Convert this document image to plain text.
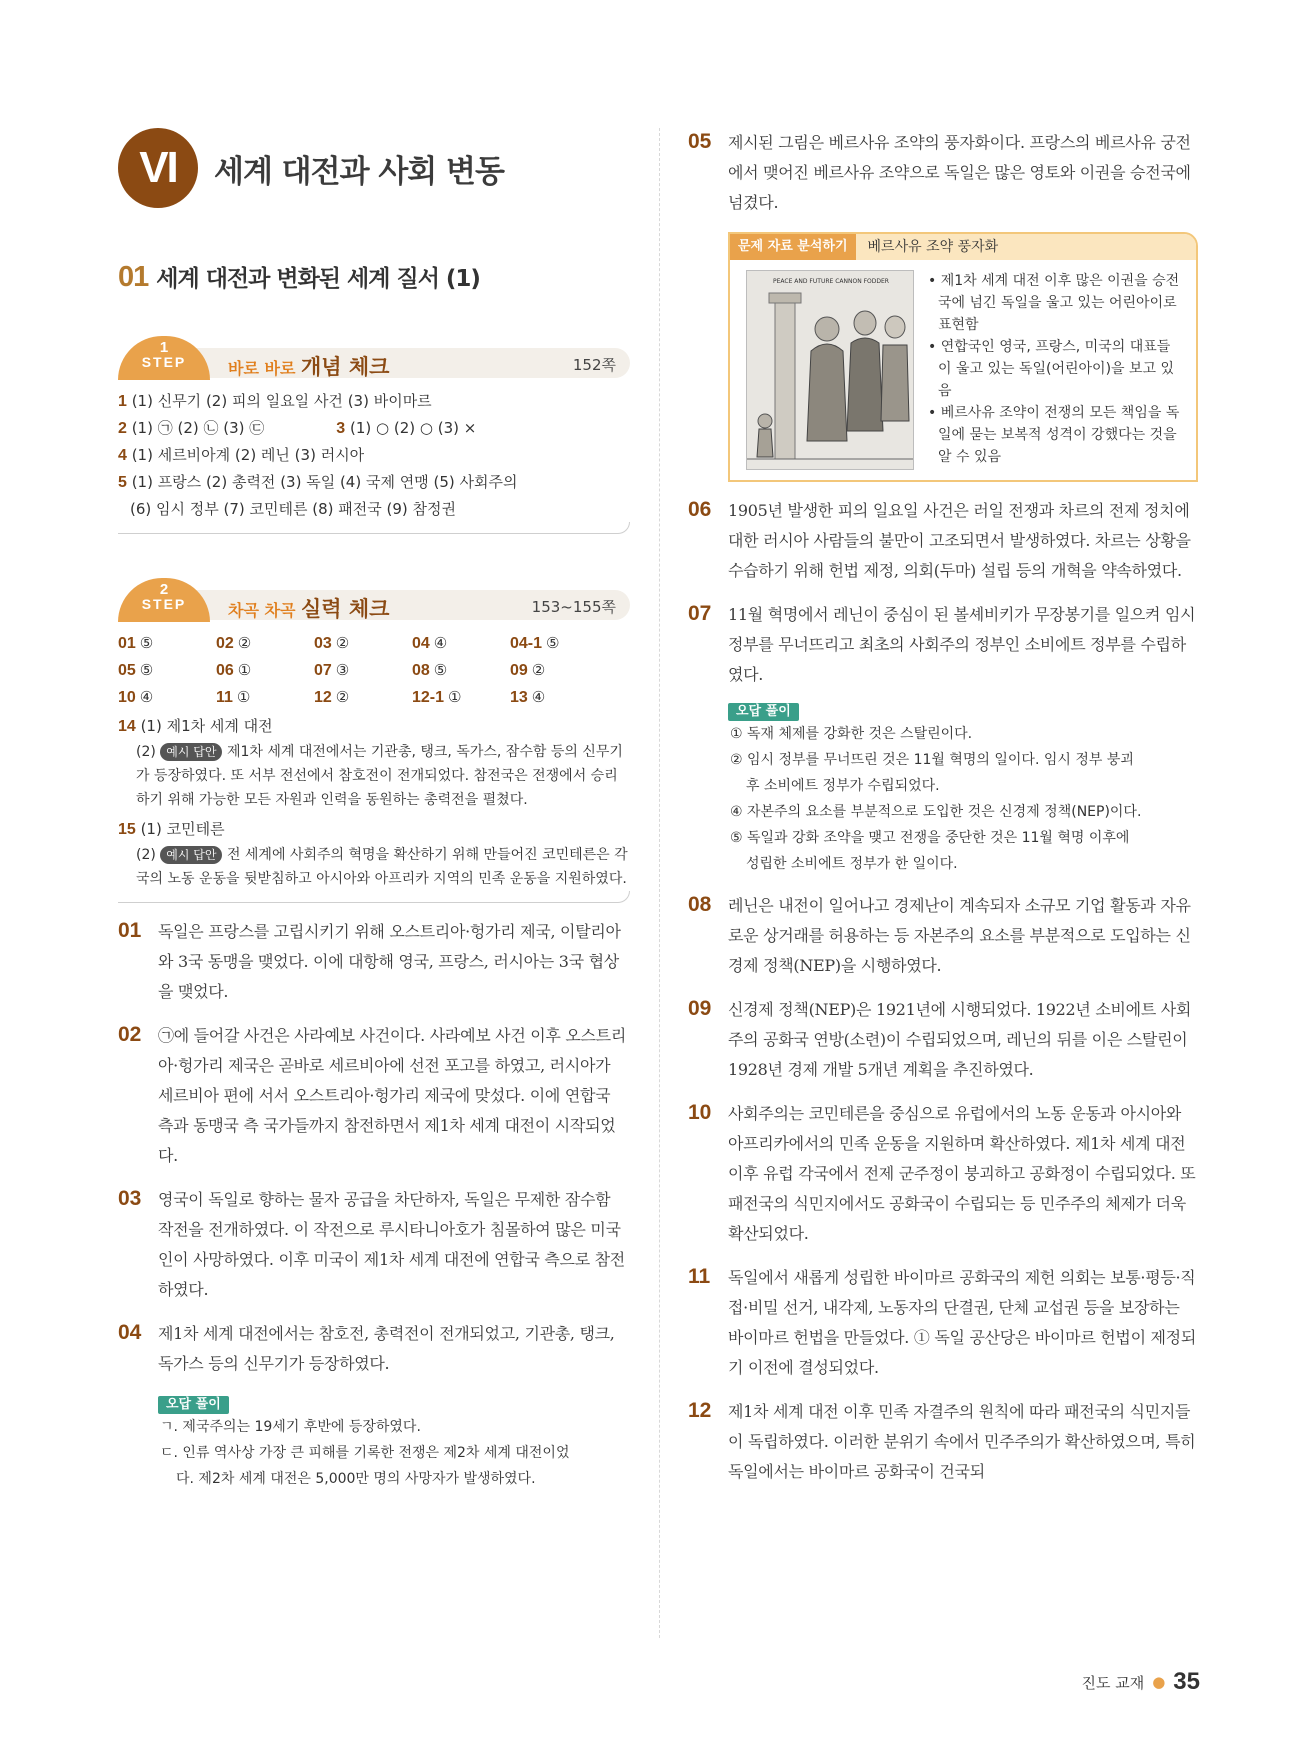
VI	세계 대전과 사회 변동
01 세계 대전과 변화된 세계 질서 (1)
1
STEP	바로 바로 개념 체크	152쪽
1 (1) 신무기 (2) 피의 일요일 사건 (3) 바이마르
2 (1) ㉠ (2) ㉡ (3) ㉢	3 (1) ○ (2) ○ (3) ×
4 (1) 세르비아계 (2) 레닌 (3) 러시아
5 (1) 프랑스 (2) 총력전 (3) 독일 (4) 국제 연맹 (5) 사회주의
(6) 임시 정부 (7) 코민테른 (8) 패전국 (9) 참정권
2
STEP	차곡 차곡 실력 체크	153~155쪽
01 ⑤	02 ②	03 ②	04 ④	04-1 ⑤
05 ⑤	06 ①	07 ③	08 ⑤	09 ②
10 ④	11 ①	12 ②	12-1 ①	13 ④
14 (1) 제1차 세계 대전
(2) 예시 답안 제1차 세계 대전에서는 기관총, 탱크, 독가스, 잠수함 등의 신무기가 등장하였다. 또 서부 전선에서 참호전이 전개되었다. 참전국은 전쟁에서 승리하기 위해 가능한 모든 자원과 인력을 동원하는 총력전을 펼쳤다.
15 (1) 코민테른
(2) 예시 답안 전 세계에 사회주의 혁명을 확산하기 위해 만들어진 코민테른은 각국의 노동 운동을 뒷받침하고 아시아와 아프리카 지역의 민족 운동을 지원하였다.
01	독일은 프랑스를 고립시키기 위해 오스트리아·헝가리 제국, 이탈리아와 3국 동맹을 맺었다. 이에 대항해 영국, 프랑스, 러시아는 3국 협상을 맺었다.
02	㉠에 들어갈 사건은 사라예보 사건이다. 사라예보 사건 이후 오스트리아·헝가리 제국은 곧바로 세르비아에 선전 포고를 하였고, 러시아가 세르비아 편에 서서 오스트리아·헝가리 제국에 맞섰다. 이에 연합국 측과 동맹국 측 국가들까지 참전하면서 제1차 세계 대전이 시작되었다.
03	영국이 독일로 향하는 물자 공급을 차단하자, 독일은 무제한 잠수함 작전을 전개하였다. 이 작전으로 루시타니아호가 침몰하여 많은 미국인이 사망하였다. 이후 미국이 제1차 세계 대전에 연합국 측으로 참전하였다.
04	제1차 세계 대전에서는 참호전, 총력전이 전개되었고, 기관총, 탱크, 독가스 등의 신무기가 등장하였다.
오답 풀이
ㄱ. 제국주의는 19세기 후반에 등장하였다.
ㄷ. 인류 역사상 가장 큰 피해를 기록한 전쟁은 제2차 세계 대전이었
다. 제2차 세계 대전은 5,000만 명의 사망자가 발생하였다.
05	제시된 그림은 베르사유 조약의 풍자화이다. 프랑스의 베르사유 궁전에서 맺어진 베르사유 조약으로 독일은 많은 영토와 이권을 승전국에 넘겼다.
문제 자료 분석하기	베르사유 조약 풍자화
PEACE AND FUTURE CANNON FODDER
•	제1차 세계 대전 이후 많은 이권을 승전국에 넘긴 독일을 울고 있는 어린아이로 표현함
• 연합국인 영국, 프랑스, 미국의 대표들이 울고 있는 독일(어린아이)을 보고 있음
• 베르사유 조약이 전쟁의 모든 책임을 독일에 묻는 보복적 성격이 강했다는 것을 알 수 있음
06	1905년 발생한 피의 일요일 사건은 러일 전쟁과 차르의 전제 정치에 대한 러시아 사람들의 불만이 고조되면서 발생하였다. 차르는 상황을 수습하기 위해 헌법 제정, 의회(두마) 설립 등의 개혁을 약속하였다.
07	11월 혁명에서 레닌이 중심이 된 볼셰비키가 무장봉기를 일으켜 임시 정부를 무너뜨리고 최초의 사회주의 정부인 소비에트 정부를 수립하였다.
오답 풀이
① 독재 체제를 강화한 것은 스탈린이다.
② 임시 정부를 무너뜨린 것은 11월 혁명의 일이다. 임시 정부 붕괴
후 소비에트 정부가 수립되었다.
④ 자본주의 요소를 부분적으로 도입한 것은 신경제 정책(NEP)이다.
⑤ 독일과 강화 조약을 맺고 전쟁을 중단한 것은 11월 혁명 이후에
성립한 소비에트 정부가 한 일이다.
08	레닌은 내전이 일어나고 경제난이 계속되자 소규모 기업 활동과 자유로운 상거래를 허용하는 등 자본주의 요소를 부분적으로 도입하는 신경제 정책(NEP)을 시행하였다.
09	신경제 정책(NEP)은 1921년에 시행되었다. 1922년 소비에트 사회주의 공화국 연방(소련)이 수립되었으며, 레닌의 뒤를 이은 스탈린이 1928년 경제 개발 5개년 계획을 추진하였다.
10	사회주의는 코민테른을 중심으로 유럽에서의 노동 운동과 아시아와 아프리카에서의 민족 운동을 지원하며 확산하였다. 제1차 세계 대전 이후 유럽 각국에서 전제 군주정이 붕괴하고 공화정이 수립되었다. 또 패전국의 식민지에서도 공화국이 수립되는 등 민주주의 체제가 더욱 확산되었다.
11	독일에서 새롭게 성립한 바이마르 공화국의 제헌 의회는 보통·평등·직접·비밀 선거, 내각제, 노동자의 단결권, 단체 교섭권 등을 보장하는 바이마르 헌법을 만들었다. ① 독일 공산당은 바이마르 헌법이 제정되기 이전에 결성되었다.
12	제1차 세계 대전 이후 민족 자결주의 원칙에 따라 패전국의 식민지들이 독립하였다. 이러한 분위기 속에서 민주주의가 확산하였으며, 특히 독일에서는 바이마르 공화국이 건국되
진도 교재 ● 35
